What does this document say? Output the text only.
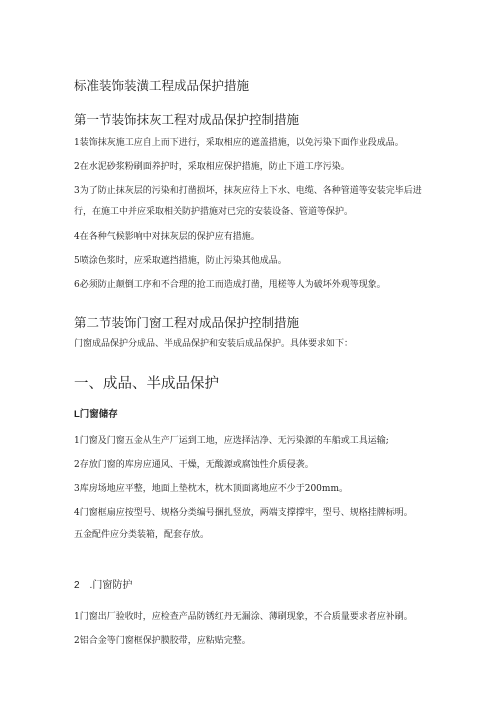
标准装饰装潢工程成品保护措施
第一节装饰抹灰工程对成品保护控制措施
1装饰抹灰施工应自上而下进行，采取相应的遮盖措施，以免污染下面作业段成品。
2在水泥砂浆粉刷面养护时，采取相应保护措施，防止下道工序污染。
3为了防止抹灰层的污染和打凿损坏，抹灰应待上下水、电缆、各种管道等安装完毕后进
行，在施工中并应采取相关防护措施对已完的安装设备、管道等保护。
4在各种气候影响中对抹灰层的保护应有措施。
5喷涂色浆时，应采取遮挡措施，防止污染其他成品。
6必须防止颠倒工序和不合理的抢工而造成打凿，甩槎等人为破坏外观等现象。
第二节装饰门窗工程对成品保护控制措施
门窗成品保护分成品、半成品保护和安装后成品保护。具体要求如下：
一、成品、半成品保护
L门窗储存
1门窗及门窗五金从生产厂运到工地，应选择洁净、无污染源的车船或工具运输;
2存放门窗的库房应通风、干燥，无酸源或腐蚀性介质侵袭。
3库房场地应平整，地面上垫枕木，枕木顶面离地应不少于200mm。
4门窗框扇应按型号、规格分类编号捆扎竖放，两端支撑撑牢，型号、规格挂牌标明。
五金配件应分类装箱，配套存放。
2　.门窗防护
1门窗出厂验收时，应检查产品防锈红丹无漏涂、薄刷现象，不合质量要求者应补刷。
2铝合金等门窗框保护膜胶带，应粘贴完整。
